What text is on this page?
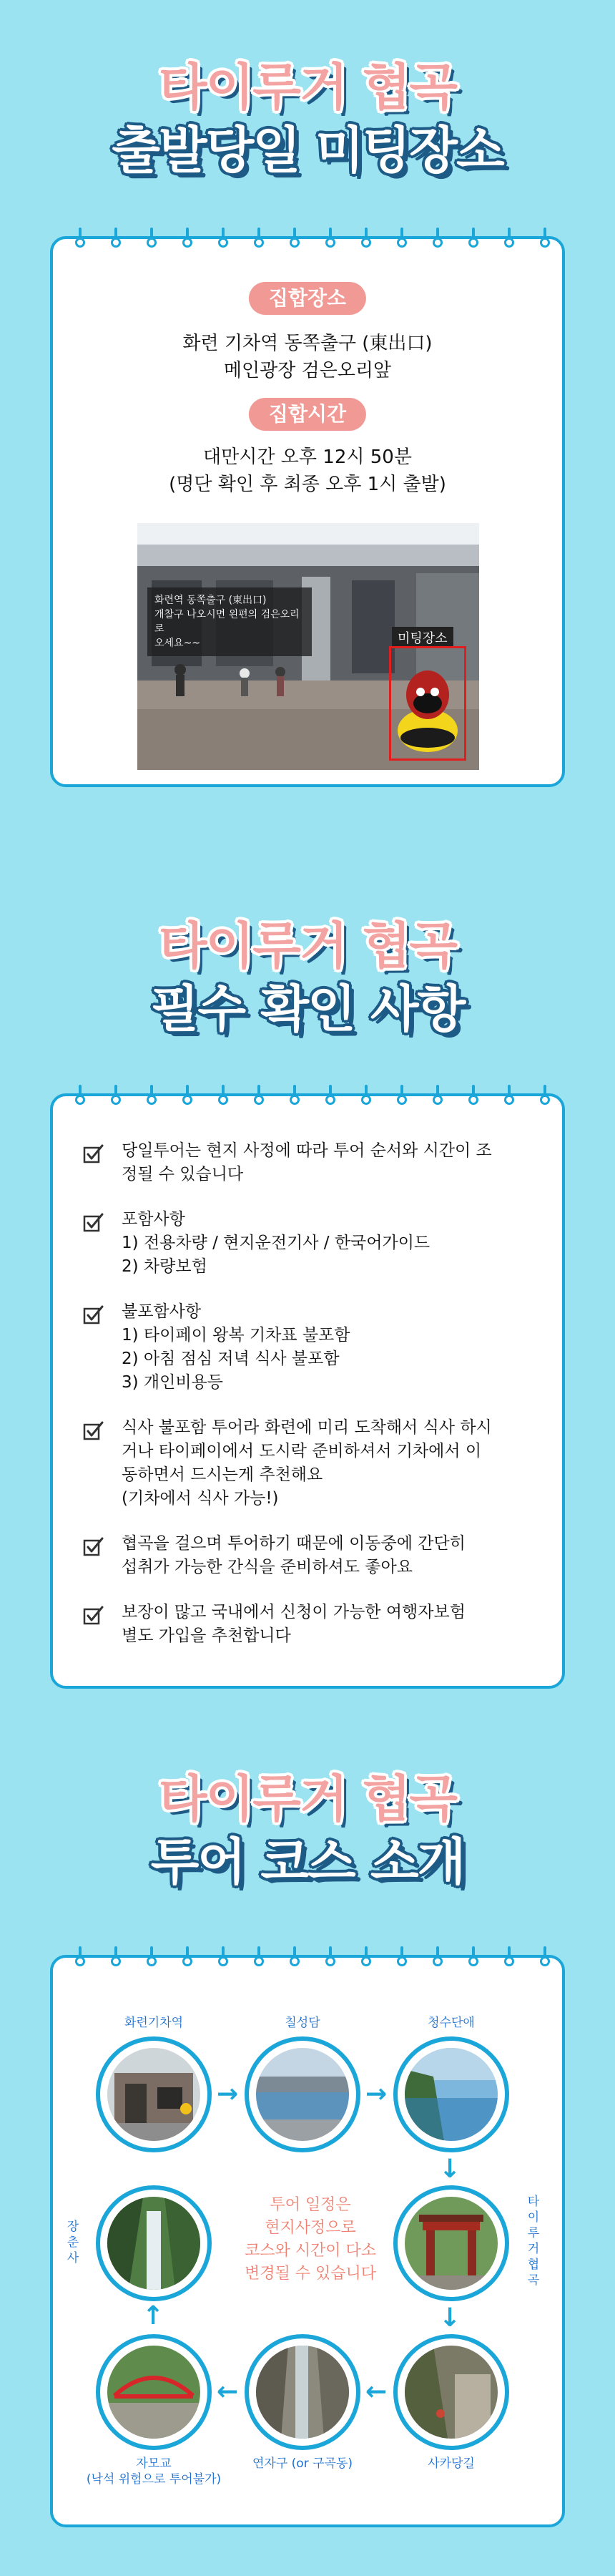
타이루거 협곡
출발당일 미팅장소
집합장소
화련 기차역 동쪽출구 (東出口)
메인광장 검은오리앞
집합시간
대만시간 오후 12시 50분
(명단 확인 후 최종 오후 1시 출발)
화련역 동쪽출구 (東出口)
개찰구 나오시면 왼편의 검은오리로
오세요~~	미팅장소
타이루거 협곡
필수 확인 사항
당일투어는 현지 사정에 따라 투어 순서와 시간이 조
정될 수 있습니다
포함사항
1) 전용차량 / 현지운전기사 / 한국어가이드
2) 차량보험
불포함사항
1) 타이페이 왕복 기차표 불포함
2) 아침 점심 저녁 식사 불포함
3) 개인비용등
식사 불포함 투어라 화련에 미리 도착해서 식사 하시
거나 타이페이에서 도시락 준비하셔서 기차에서 이
동하면서 드시는게 추천해요
(기차에서 식사 가능!)
협곡을 걸으며 투어하기 때문에 이동중에 간단히
섭취가 가능한 간식을 준비하셔도 좋아요
보장이 많고 국내에서 신청이 가능한 여행자보험
별도 가입을 추천합니다
타이루거 협곡
투어 코스 소개
화련기차역	칠성담	청수단애
→	→
↓
타
이
루
거
협
곡
장
춘
사
투어 일정은
현지사정으로
코스와 시간이 다소
변경될 수 있습니다
↑	↓
←	←
자모교
(낙석 위험으로 투어불가)
연자구 (or 구곡동)	사카당길
